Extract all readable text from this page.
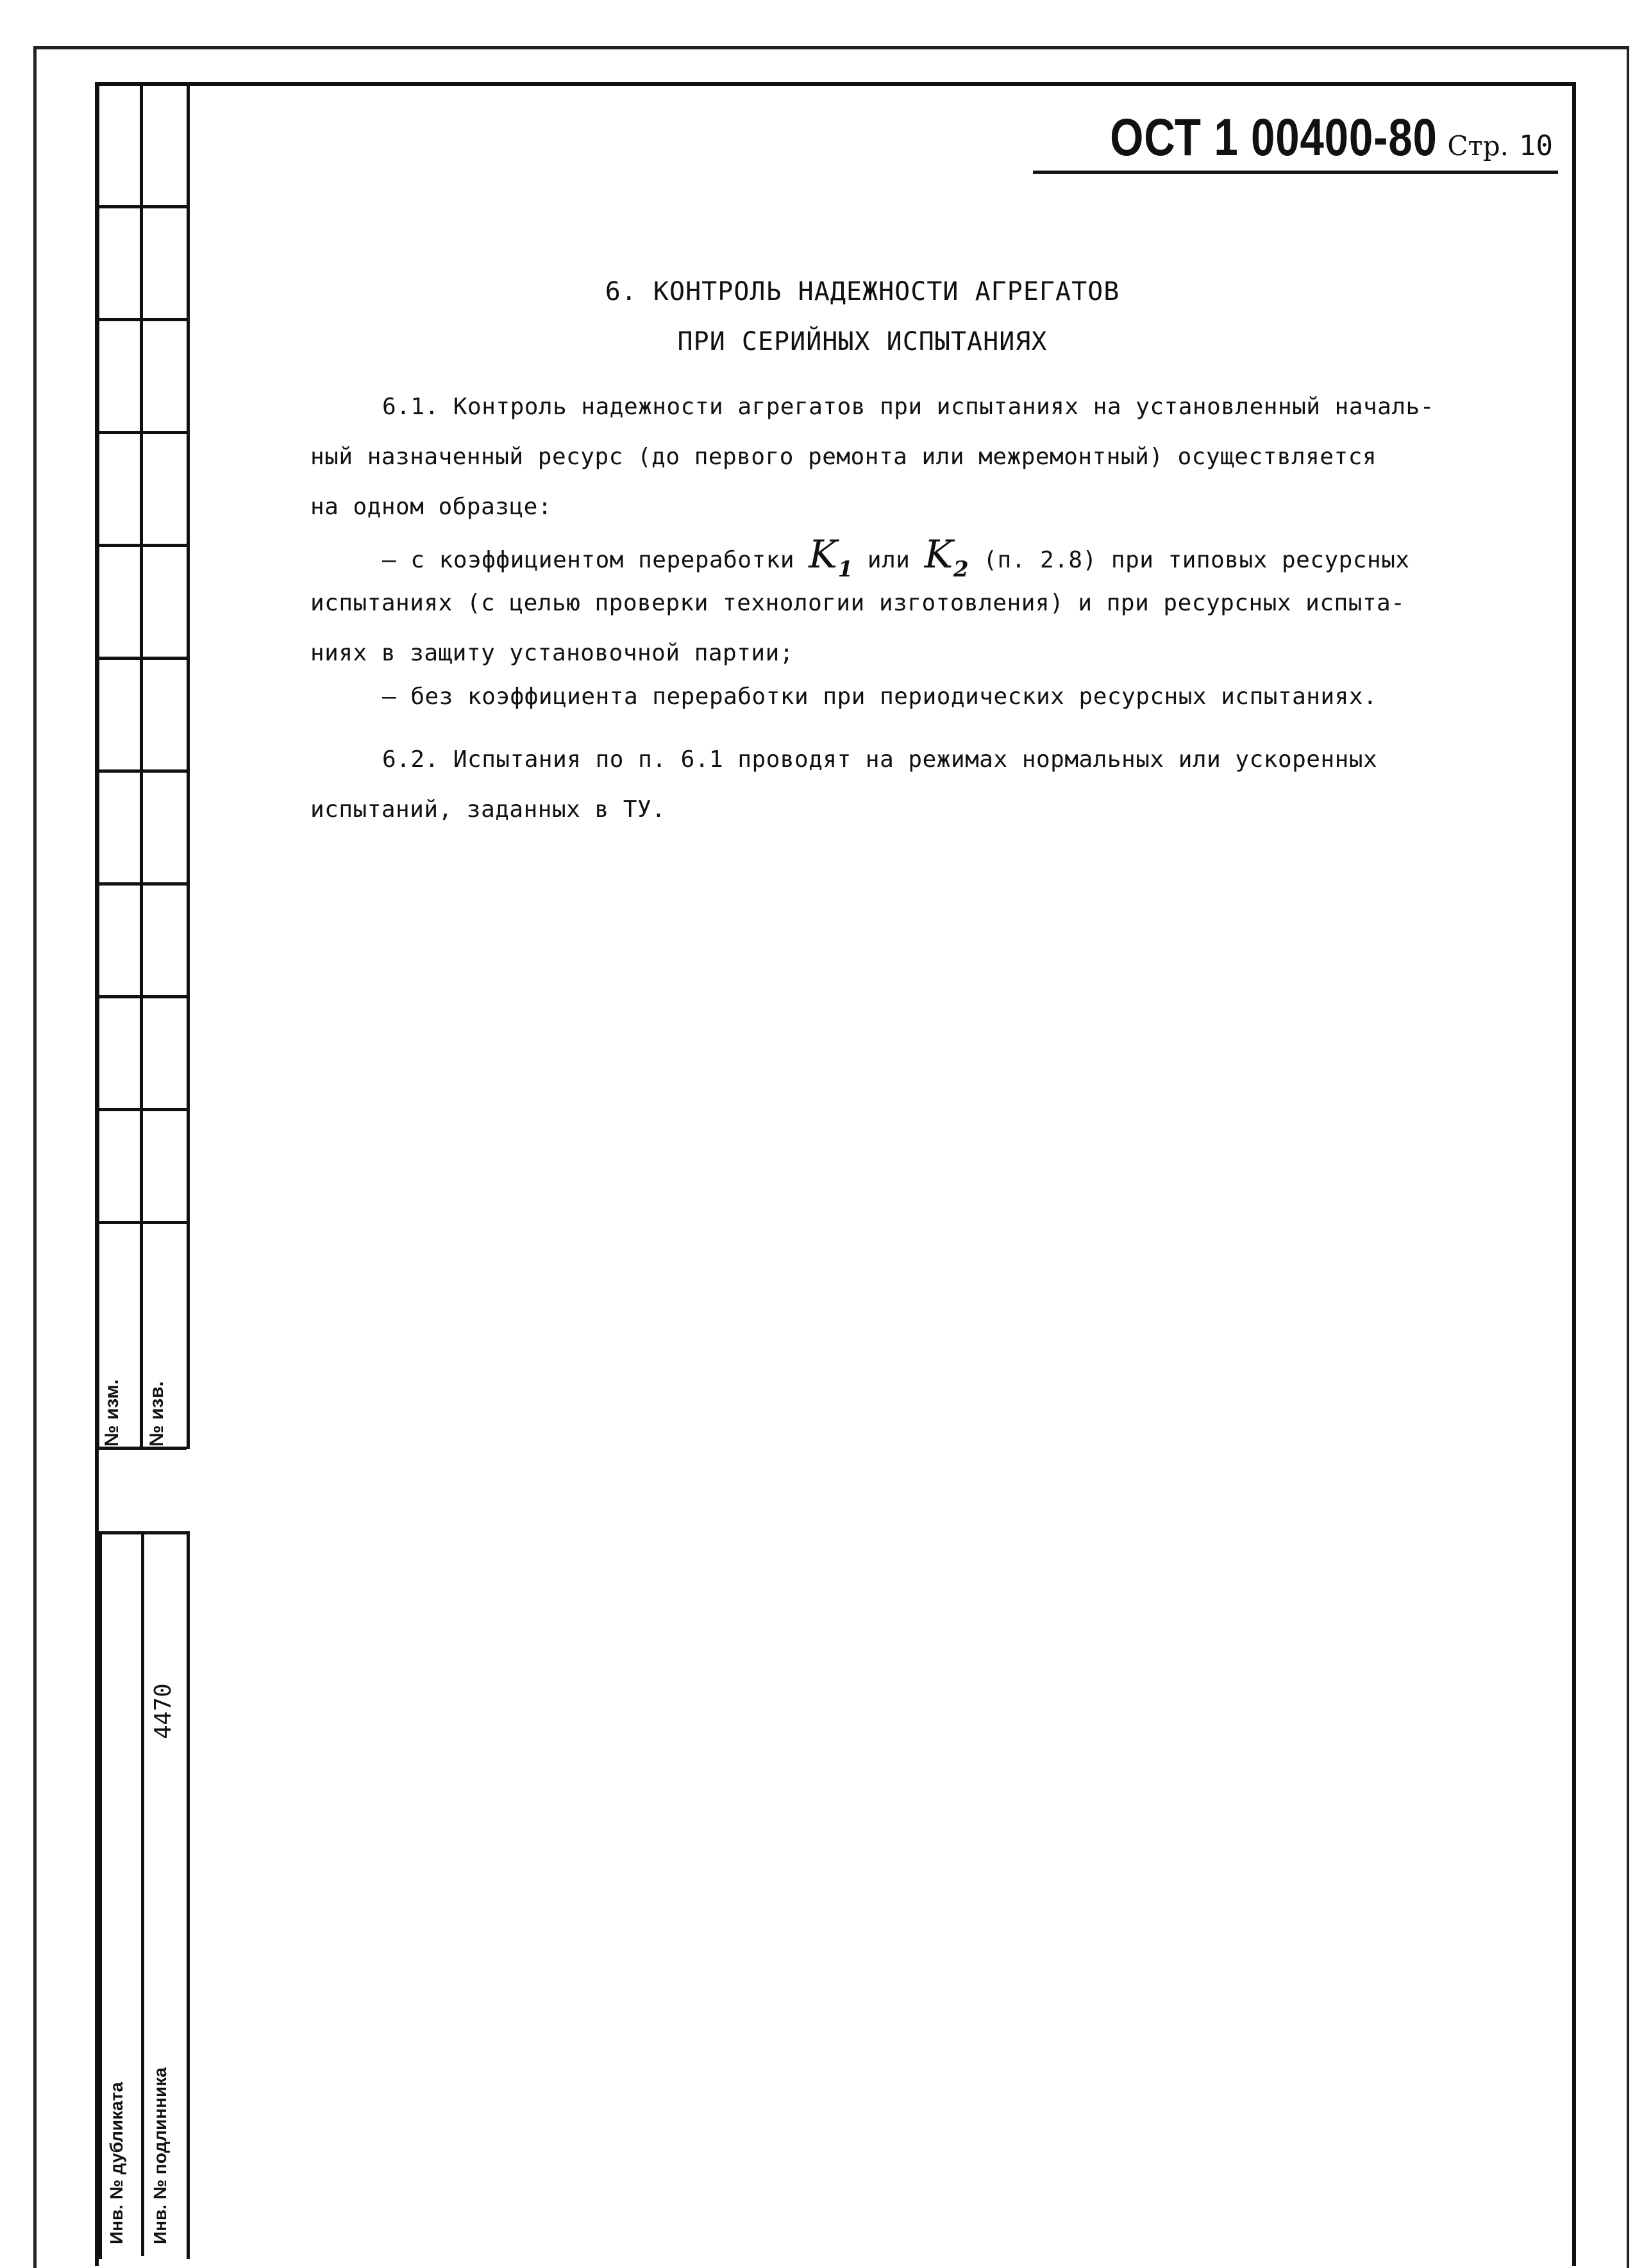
№ изм. № изв.
Инв. № дубликата Инв. № подлинника
4470
ОСТ 1 00400-80 Стр. 10
6. КОНТРОЛЬ НАДЕЖНОСТИ АГРЕГАТОВ
ПРИ СЕРИЙНЫХ ИСПЫТАНИЯХ
6.1. Контроль надежности агрегатов при испытаниях на установленный началь-
ный назначенный ресурс (до первого ремонта или межремонтный) осуществляется
на одном образце:
– с коэффициентом переработки $K_1$ или $K_2$ (п. 2.8) при типовых ресурсных
испытаниях (с целью проверки технологии изготовления) и при ресурсных испыта-
ниях в защиту установочной партии;
– без коэффициента переработки при периодических ресурсных испытаниях.
6.2. Испытания по п. 6.1 проводят на режимах нормальных или ускоренных
испытаний, заданных в ТУ.
